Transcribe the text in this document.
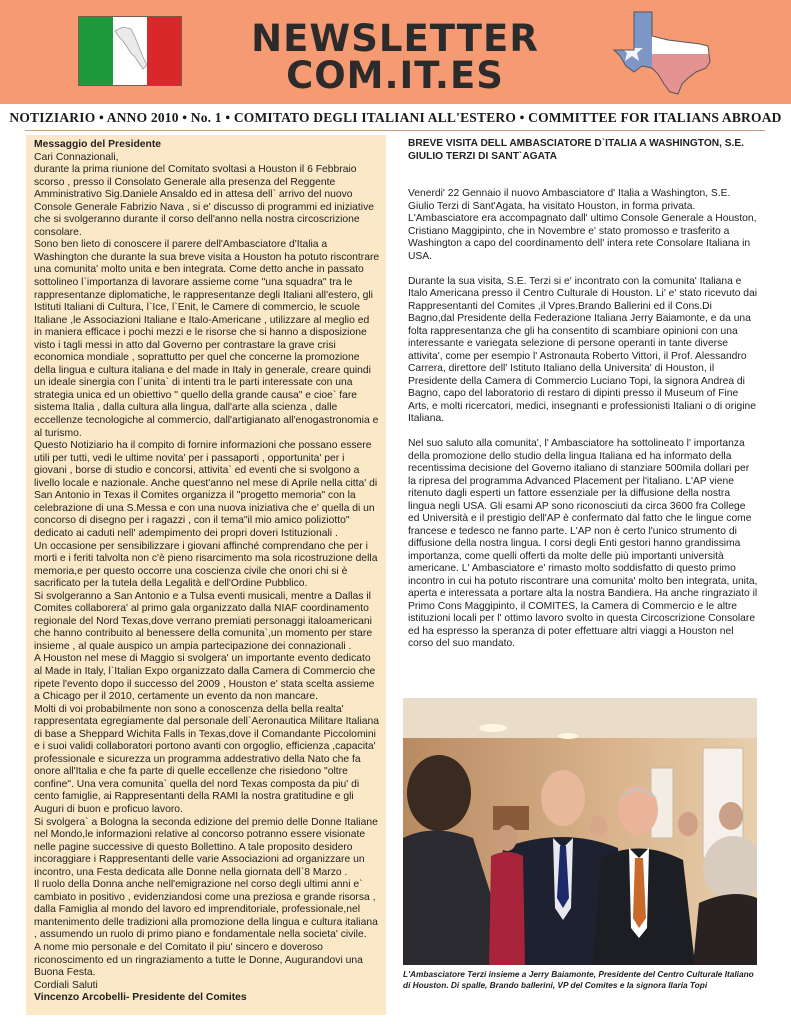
NEWSLETTER
COM.IT.ES
NOTIZIARIO • ANNO 2010 • No. 1 • COMITATO DEGLI ITALIANI ALL'ESTERO • COMMITTEE FOR ITALIANS ABROAD

Messaggio del Presidente

Cari Connazionali,

durante la prima riunione del Comitato svoltasi a Houston il 6 Febbraio scorso , presso il Consolato Generale alla presenza del Reggente Amministrativo Sig.Daniele Ansaldo ed in attesa dell` arrivo del nuovo Console Generale Fabrizio Nava , si e' discusso di programmi ed iniziative che si svolgeranno durante il corso dell'anno nella nostra circoscrizione consolare.

Sono ben lieto di conoscere il parere dell'Ambasciatore d'Italia a Washington che durante la sua breve visita a Houston ha potuto riscontrare una comunita' molto unita e ben integrata. Come detto anche in passato sottolineo l`importanza di lavorare assieme come "una squadra" tra le rappresentanze diplomatiche, le rappresentanze degli Italiani all'estero, gli Istituti Italiani di Cultura, l`Ice, l`Enit, le Camere di commercio, le scuole Italiane ,le Associazioni Italiane e Italo-Americane , utilizzare al meglio ed in maniera efficace i pochi mezzi e le risorse che si hanno a disposizione visto i tagli messi in atto dal Governo per contrastare la grave crisi economica mondiale , soprattutto per quel che concerne la promozione della lingua e cultura italiana e del made in Italy in generale, creare quindi un ideale sinergia con l`unita` di intenti tra le parti interessate con una strategia unica ed un obiettivo " quello della grande causa" e cioe` fare sistema Italia , dalla cultura alla lingua, dall'arte alla scienza , dalle eccellenze tecnologiche al commercio, dall'artigianato all'enogastronomia e al turismo.

Questo Notiziario ha il compito di fornire informazioni che possano essere utili per tutti, vedi le ultime novita' per i passaporti , opportunita' per i giovani , borse di studio e concorsi, attivita` ed eventi che si svolgono a livello locale e nazionale. Anche quest'anno nel mese di Aprile nella citta' di San Antonio in Texas il Comites organizza il "progetto memoria" con la celebrazione di una S.Messa e con una nuova iniziativa che e' quella di un concorso di disegno per i ragazzi , con il tema"il mio amico poliziotto" dedicato ai caduti nell' adempimento dei propri doveri Istituzionali .

Un occasione per sensibilizzare i giovani affinché comprendano che per i morti e i feriti talvolta non c'è pieno risarcimento ma sola ricostruzione della memoria,e per questo occorre una coscienza civile che onori chi si è sacrificato per la tutela della Legalità e dell'Ordine Pubblico.

Si svolgeranno a San Antonio e a Tulsa eventi musicali, mentre a Dallas il Comites collaborera' al primo gala organizzato dalla NIAF coordinamento regionale del Nord Texas,dove verrano premiati personaggi italoamericani che hanno contribuito al benessere della comunita`,un momento per stare insieme , al quale auspico un ampia partecipazione dei connazionali .

A Houston nel mese di Maggio si svolgera' un importante evento dedicato al Made in Italy, l`Italian Expo organizzato dalla Camera di Commercio che ripete l'evento dopo il successo del 2009 , Houston e' stata scelta assieme a Chicago per il 2010, certamente un evento da non mancare.

Molti di voi probabilmente non sono a conoscenza della bella realta' rappresentata egregiamente dal personale dell`Aeronautica Militare Italiana di base a Sheppard Wichita Falls in Texas,dove il Comandante Piccolomini e i suoi validi collaboratori portono avanti con orgoglio, efficienza ,capacita' professionale e sicurezza un programma addestrativo della Nato che fa onore all'Italia e che fa parte di quelle eccellenze che risiedono "oltre confine". Una vera comunita` quella del nord Texas composta da piu' di cento famiglie, ai Rappresentanti della RAMI la nostra gratitudine e gli Auguri di buon e proficuo lavoro.

Si svolgera` a Bologna la seconda edizione del premio delle Donne Italiane nel Mondo,le informazioni relative al concorso potranno essere visionate nelle pagine successive di questo Bollettino. A tale proposito desidero incoraggiare i Rappresentanti delle varie Associazioni ad organizzare un incontro, una Festa dedicata alle Donne nella giornata dell`8 Marzo .

Il ruolo della Donna anche nell'emigrazione nel corso degli ultimi anni e` cambiato in positivo , evidenziandosi come una preziosa e grande risorsa , dalla Famiglia al mondo del lavoro ed imprenditoriale, professionale,nel mantenimento delle tradizioni alla promozione della lingua e cultura italiana , assumendo un ruolo di primo piano e fondamentale nella societa' civile.

A nome mio personale e del Comitato il piu' sincero e doveroso riconoscimento ed un ringraziamento a tutte le Donne, Augurandovi una Buona Festa.

Cordiali Saluti

Vincenzo Arcobelli- Presidente del Comites

BREVE VISITA DELL AMBASCIATORE D`ITALIA A WASHINGTON, S.E. GIULIO TERZI DI SANT`AGATA

Venerdi' 22 Gennaio il nuovo Ambasciatore d' Italia a Washington, S.E. Giulio Terzi di Sant'Agata, ha visitato Houston, in forma privata. L'Ambasciatore era accompagnato dall' ultimo Console Generale a Houston, Cristiano Maggipinto, che in Novembre e' stato promosso e trasferito a Washington a capo del coordinamento dell' intera rete Consolare Italiana in USA.

Durante la sua visita, S.E. Terzi si e' incontrato con la comunita' Italiana e Italo Americana presso il Centro Culturale di Houston. Li' e' stato ricevuto dai Rappresentanti del Comites ,il Vpres.Brando Ballerini ed il Cons.Di Bagno,dal Presidente della Federazione Italiana Jerry Baiamonte, e da una folta rappresentanza che gli ha consentito di scambiare opinioni con una interessante e variegata selezione di persone operanti in tante diverse attivita', come per esempio l' Astronauta Roberto Vittori, il Prof. Alessandro Carrera, direttore dell' Istituto Italiano della Universita' di Houston, il Presidente della Camera di Commercio Luciano Topi, la signora Andrea di Bagno, capo del laboratorio di restaro di dipinti presso il Museum of Fine Arts, e molti ricercatori, medici, insegnanti e professionisti Italiani o di origine Italiana.

Nel suo saluto alla comunita', l' Ambasciatore ha sottolineato l' importanza della promozione dello studio della lingua Italiana ed ha informato della recentissima decisione del Governo italiano di stanziare 500mila dollari per la ripresa del programma Advanced Placement per l'italiano. L'AP viene ritenuto dagli esperti un fattore essenziale per la diffusione della nostra lingua negli USA. Gli esami AP sono riconosciuti da circa 3600 fra College ed Università e il prestigio dell'AP è confermato dal fatto che le lingue come francese e tedesco ne fanno parte. L'AP non è certo l'unico strumento di diffusione della nostra lingua. I corsi degli Enti gestori hanno grandissima importanza, come quelli offerti da molte delle più importanti università americane. L' Ambasciatore e' rimasto molto soddisfatto di questo primo incontro in cui ha potuto riscontrare una comunita' molto ben integrata, unita, aperta e interessata a portare alta la nostra Bandiera. Ha anche ringraziato il Primo Cons Maggipinto, il COMITES, la Camera di Commercio e le altre istituzioni locali per l' ottimo lavoro svolto in questa Circoscrizione Consolare ed ha espresso la speranza di poter effettuare altri viaggi a Houston nel corso del suo mandato.

L'Ambasciatore Terzi insieme a Jerry Baiamonte, Presidente del Centro Culturale Italiano di Houston. Di spalle, Brando ballerini, VP del Comites e la signora Ilaria Topi
